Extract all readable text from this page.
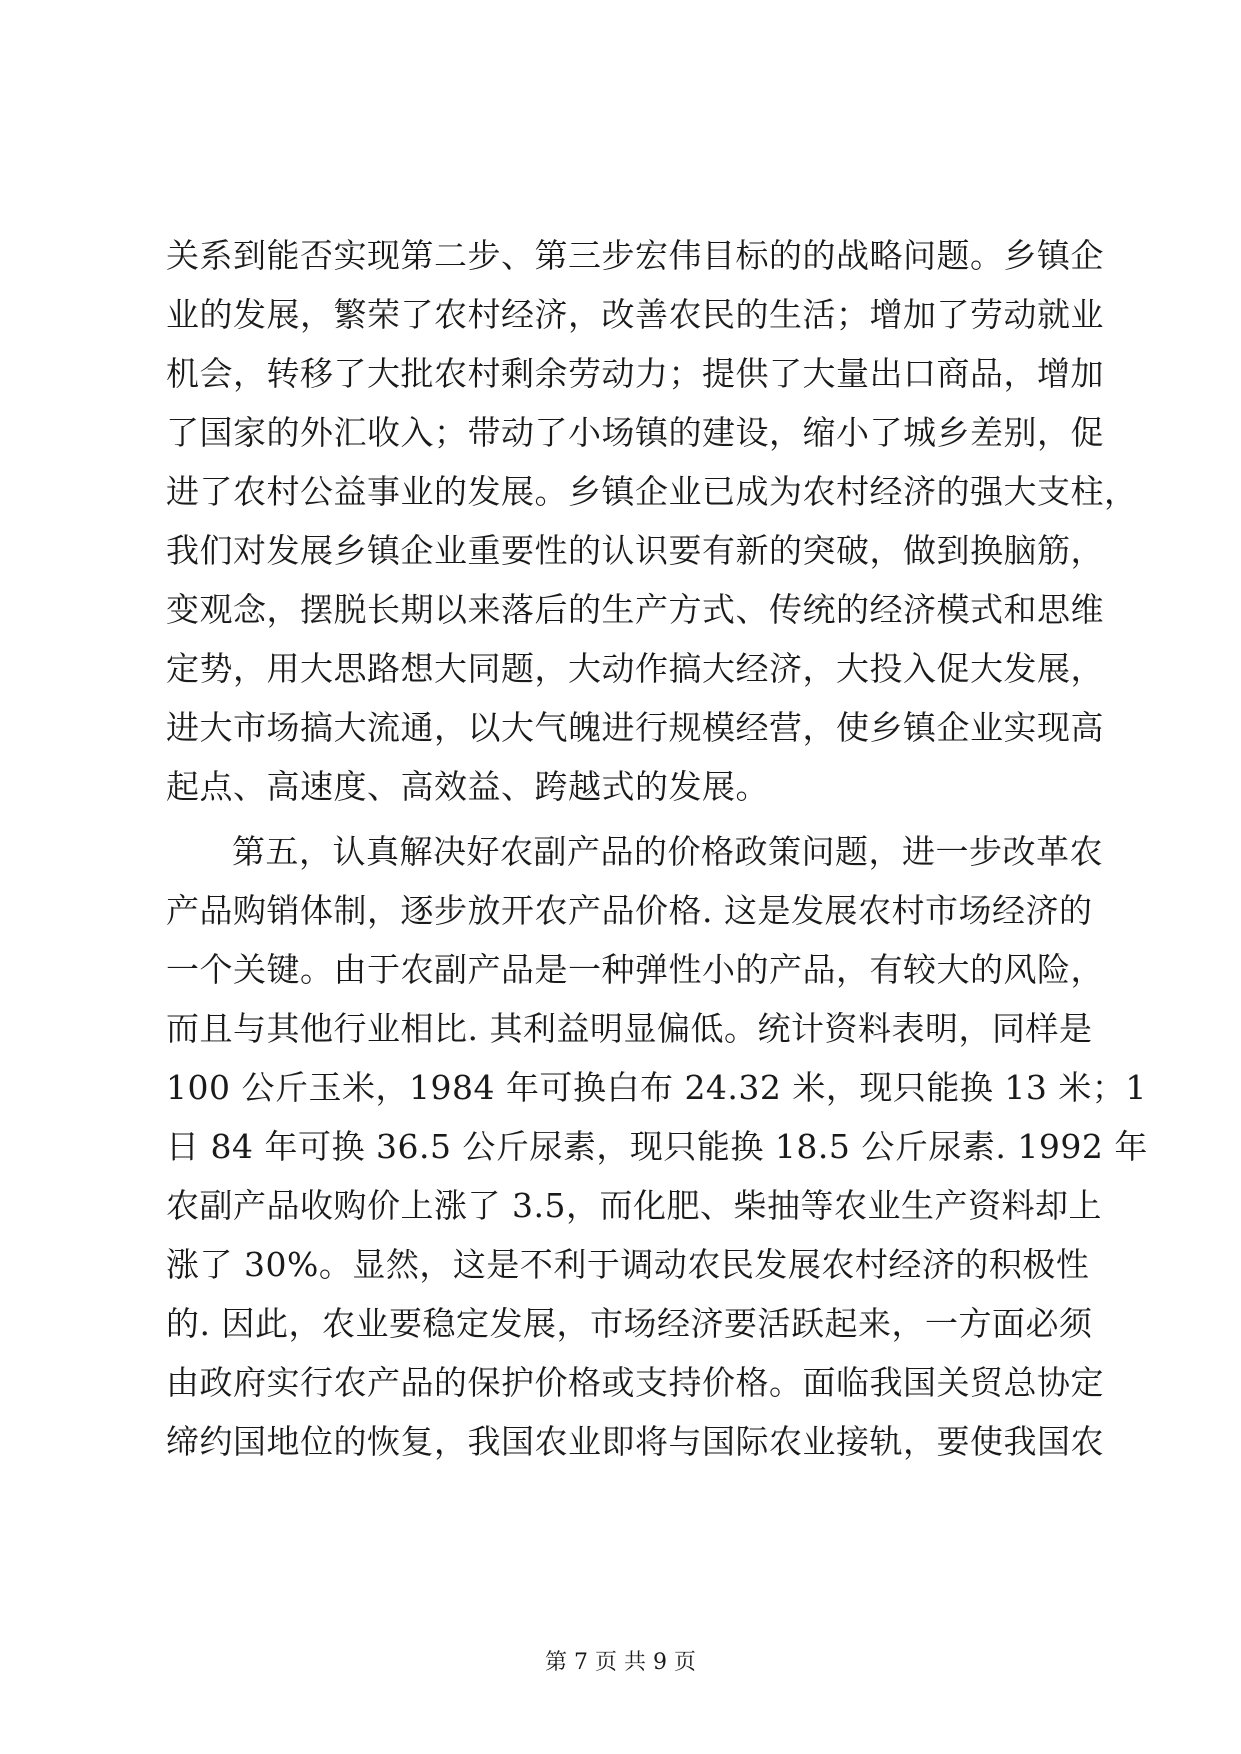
关系到能否实现第二步、第三步宏伟目标的的战略问题。乡镇企
业的发展，繁荣了农村经济，改善农民的生活；增加了劳动就业
机会，转移了大批农村剩余劳动力；提供了大量出口商品，增加
了国家的外汇收入；带动了小场镇的建设，缩小了城乡差别，促
进了农村公益事业的发展。乡镇企业已成为农村经济的强大支柱，
我们对发展乡镇企业重要性的认识要有新的突破，做到换脑筋，
变观念，摆脱长期以来落后的生产方式、传统的经济模式和思维
定势，用大思路想大同题，大动作搞大经济，大投入促大发展，
进大市场搞大流通，以大气魄进行规模经营，使乡镇企业实现高
起点、高速度、高效益、跨越式的发展。
第五，认真解决好农副产品的价格政策问题，进一步改革农
产品购销体制，逐步放开农产品价格. 这是发展农村市场经济的
一个关键。由于农副产品是一种弹性小的产品，有较大的风险，
而且与其他行业相比. 其利益明显偏低。统计资料表明，同样是
100 公斤玉米，1984 年可换白布 24.32 米，现只能换 13 米；1
日 84 年可换 36.5 公斤尿素，现只能换 18.5 公斤尿素. 1992 年
农副产品收购价上涨了 3.5，而化肥、柴抽等农业生产资料却上
涨了 30%。显然，这是不利于调动农民发展农村经济的积极性
的. 因此，农业要稳定发展，市场经济要活跃起来，一方面必须
由政府实行农产品的保护价格或支持价格。面临我国关贸总协定
缔约国地位的恢复，我国农业即将与国际农业接轨，要使我国农
第 7 页 共 9 页
